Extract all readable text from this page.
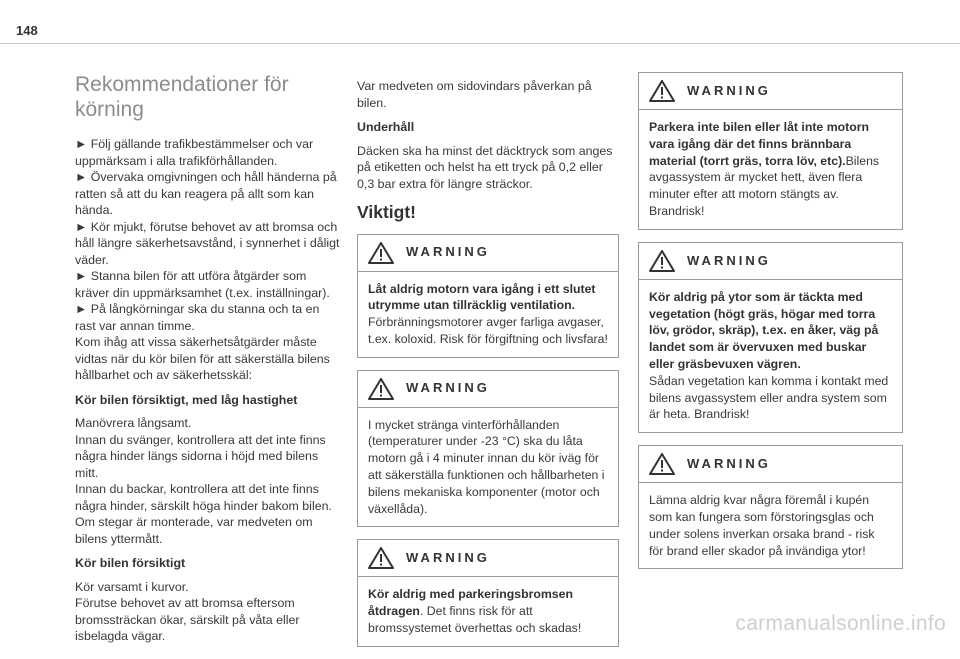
148
Rekommendationer för
körning
► Följ gällande trafikbestämmelser och var uppmärksam i alla trafikförhållanden.
► Övervaka omgivningen och håll händerna på ratten så att du kan reagera på allt som kan hända.
► Kör mjukt, förutse behovet av att bromsa och håll längre säkerhetsavstånd, i synnerhet i dåligt väder.
► Stanna bilen för att utföra åtgärder som kräver din uppmärksamhet (t.ex. inställningar).
► På långkörningar ska du stanna och ta en rast var annan timme.
Kom ihåg att vissa säkerhetsåtgärder måste vidtas när du kör bilen för att säkerställa bilens hållbarhet och av säkerhetsskäl:
Kör bilen försiktigt, med låg hastighet
Manövrera långsamt.
Innan du svänger, kontrollera att det inte finns några hinder längs sidorna i höjd med bilens mitt.
Innan du backar, kontrollera att det inte finns några hinder, särskilt höga hinder bakom bilen.
Om stegar är monterade, var medveten om bilens yttermått.
Kör bilen försiktigt
Kör varsamt i kurvor.
Förutse behovet av att bromsa eftersom bromssträckan ökar, särskilt på våta eller isbelagda vägar.
Var medveten om sidovindars påverkan på bilen.
Underhåll
Däcken ska ha minst det däcktryck som anges på etiketten och helst ha ett tryck på 0,2 eller 0,3 bar extra för längre sträckor.
Viktigt!
WARNING
Låt aldrig motorn vara igång i ett slutet utrymme utan tillräcklig ventilation.
Förbränningsmotorer avger farliga avgaser, t.ex. koloxid. Risk för förgiftning och livsfara!
WARNING
I mycket stränga vinterförhållanden (temperaturer under -23 °C) ska du låta motorn gå i 4 minuter innan du kör iväg för att säkerställa funktionen och hållbarheten i bilens mekaniska komponenter (motor och växellåda).
WARNING
Kör aldrig med parkeringsbromsen åtdragen. Det finns risk för att bromssystemet överhettas och skadas!
WARNING
Parkera inte bilen eller låt inte motorn vara igång där det finns brännbara material (torrt gräs, torra löv, etc).Bilens avgassystem är mycket hett, även flera minuter efter att motorn stängts av. Brandrisk!
WARNING
Kör aldrig på ytor som är täckta med vegetation (högt gräs, högar med torra löv, grödor, skräp), t.ex. en åker, väg på landet som är övervuxen med buskar eller gräsbevuxen vägren.
Sådan vegetation kan komma i kontakt med bilens avgassystem eller andra system som är heta. Brandrisk!
WARNING
Lämna aldrig kvar några föremål i kupén som kan fungera som förstoringsglas och under solens inverkan orsaka brand - risk för brand eller skador på invändiga ytor!
carmanualsonline.info
